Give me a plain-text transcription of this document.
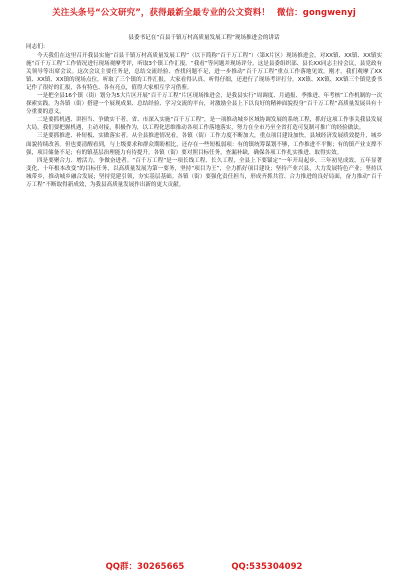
关注头条号“公文研究”，获得最新全最专业的公文资料！ 微信：gongwenyj
县委书记在“百县千镇万村高质量发展工程”现场推进会的讲话
同志们：

今天我们在这里召开我县实施“百县千镇万村高质量发展工程”（以下简称“百千万工程”）（第X片区）现场推进会，对XX镇、XX镇、XX镇实施“百千万工程”工作情况进行现场观摩考评，听取3个镇工作汇报。“我看”等问题并现场评分，这是县委组织部、县长XX同志主持会议，县党政有关领导等出席会议。这次会议主要任务是，总结交流经验、查找问题不足，进一步推动“百千万工程”重点工作落地见效。刚才，我们观摩了XX镇、XX镇、XX镇的现场点位，听取了三个镇的工作汇报，大家看得认真、听得仔细，还进行了现场考评打分。XX镇、XX镇、XX镇三个镇党委书记作了很好的汇报，各有特色、各有亮点，值得大家相互学习借鉴。

一是把全县16个镇（街）划分为5大片区开展“百千万工程”片区现场推进会，是我县实行“周调度、月通报、季推进、年考核”工作机制的一次探索实践。为各镇（街）搭建一个展现成果、总结经验、学习交流的平台，对激励全县上下以良好的精神面貌投身“百千万工程”高质量发展具有十分重要的意义。

二是要抓机遇、讲担当、争做实干者。省、市深入实施“百千万工程”，是一项推动城乡区域协调发展的系统工程，抓好这项工作事关我县发展大局。我们要把握机遇，主动对接，积极作为，以工程化思维推动各项工作落地落实，努力在全市乃至全省打造可复制可推广的经验做法。

三是要抓推进、补短板、实做落实者。从全县推进情况看，各镇（街）工作力度不断加大，重点项目建设加快，县域经济发展质效提升，城乡面貌持续改善。但也要清醒看到，与上级要求和群众期盼相比，还存在一些短板弱项：有的镇统筹谋划不够，工作推进不平衡；有的镇产业支撑不强，项目储备不足；有的镇基层治理能力有待提升。各镇（街）要对照目标任务，查漏补缺，确保各项工作扎实推进、取得实效。

四是要聚合力、增活力，争做奋进者。“百千万工程”是一项长线工程、长久工程，全县上下要锚定“一年开局起步、三年初见成效、五年显著变化、十年根本改变”的目标任务，以高质量发展为第一要务，坚持“项目为王”，全力抓好项目建设；坚持产业兴县，大力发展特色产业；坚持以城带乡，推动城乡融合发展；坚持党建引领，夯实基层基础。各镇（街）要强化责任担当，形成齐抓共管、合力推进的良好局面，奋力推动“百千万工程”不断取得新成效，为我县高质量发展作出新的更大贡献。

QQ群：30265665	QQ:535304092
